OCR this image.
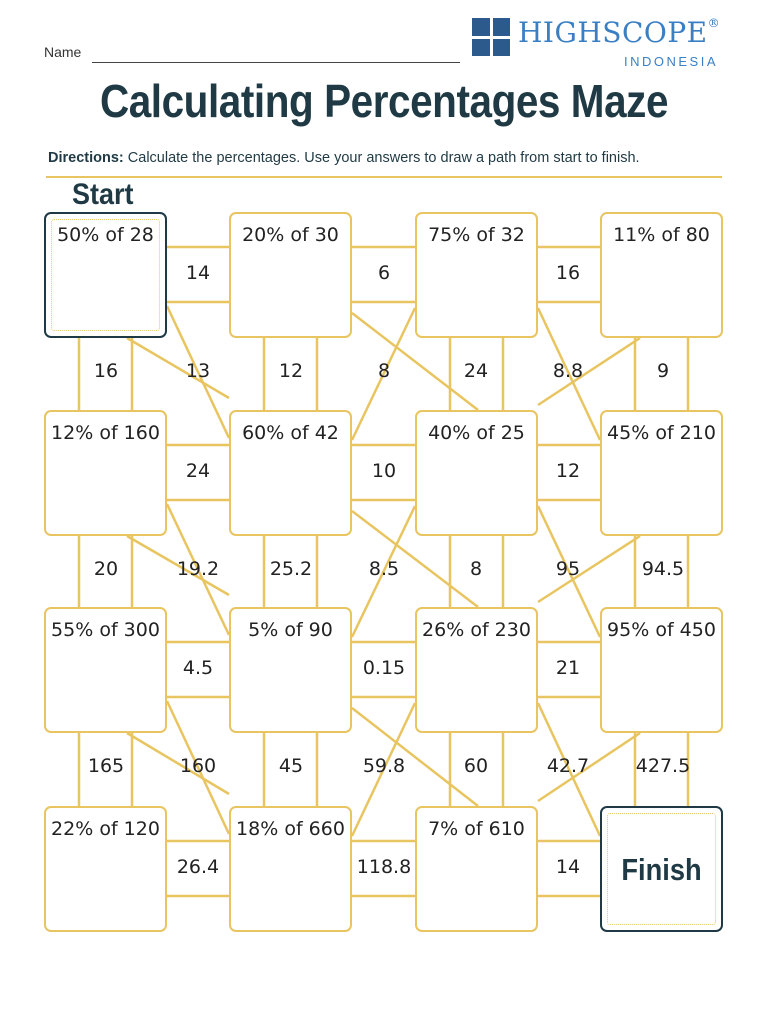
Name
HIGHSCOPE®
INDONESIA
Calculating Percentages Maze
Directions: Calculate the percentages. Use your answers to draw a path from start to finish.
Start
50% of 28	20% of 30	75% of 32	11% of 80
12% of 160	60% of 42	40% of 25	45% of 210
55% of 300	5% of 90	26% of 230	95% of 450
22% of 120	18% of 660	7% of 610
Finish
14	6	16
24	10	12
4.5	0.15	21
26.4	118.8	14
16	13	12	8	24	8.8	9
20	19.2	25.2	8.5	8	95	94.5
165	160	45	59.8	60	42.7	427.5
